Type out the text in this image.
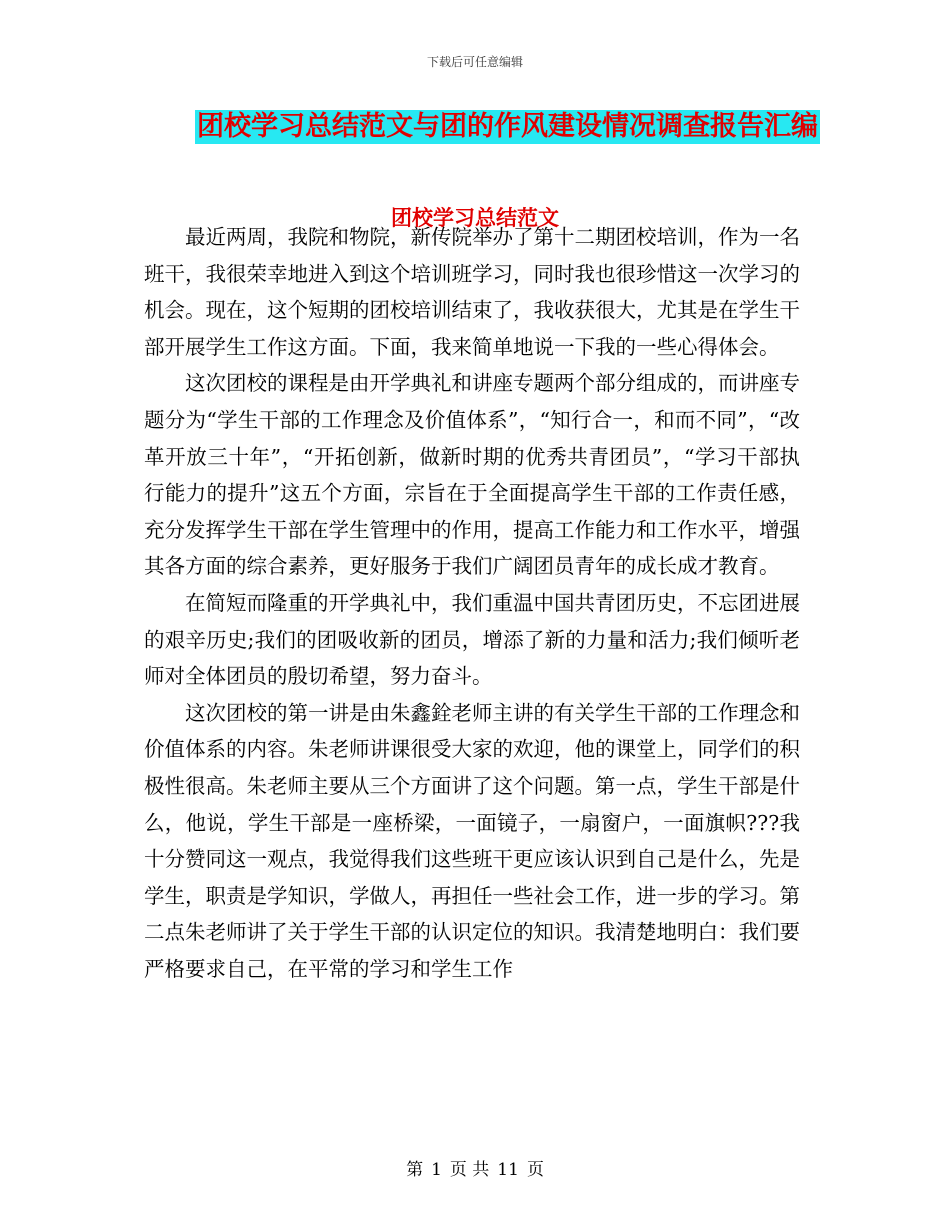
下载后可任意编辑
团校学习总结范文与团的作风建设情况调查报告汇编
团校学习总结范文

最近两周，我院和物院，新传院举办了第十二期团校培训，作为一名班干，我很荣幸地进入到这个培训班学习，同时我也很珍惜这一次学习的机会。现在，这个短期的团校培训结束了，我收获很大，尤其是在学生干部开展学生工作这方面。下面，我来简单地说一下我的一些心得体会。

这次团校的课程是由开学典礼和讲座专题两个部分组成的，而讲座专题分为“学生干部的工作理念及价值体系”，“知行合一，和而不同”，“改革开放三十年”，“开拓创新，做新时期的优秀共青团员”，“学习干部执行能力的提升”这五个方面，宗旨在于全面提高学生干部的工作责任感，充分发挥学生干部在学生管理中的作用，提高工作能力和工作水平，增强其各方面的综合素养，更好服务于我们广阔团员青年的成长成才教育。

在简短而隆重的开学典礼中，我们重温中国共青团历史，不忘团进展的艰辛历史;我们的团吸收新的团员，增添了新的力量和活力;我们倾听老师对全体团员的殷切希望，努力奋斗。

这次团校的第一讲是由朱鑫銓老师主讲的有关学生干部的工作理念和价值体系的内容。朱老师讲课很受大家的欢迎，他的课堂上，同学们的积极性很高。朱老师主要从三个方面讲了这个问题。第一点，学生干部是什么，他说，学生干部是一座桥梁，一面镜子，一扇窗户，一面旗帜???我十分赞同这一观点，我觉得我们这些班干更应该认识到自己是什么，先是学生，职责是学知识，学做人，再担任一些社会工作，进一步的学习。第二点朱老师讲了关于学生干部的认识定位的知识。我清楚地明白：我们要严格要求自己，在平常的学习和学生工作

第 1 页 共 11 页
